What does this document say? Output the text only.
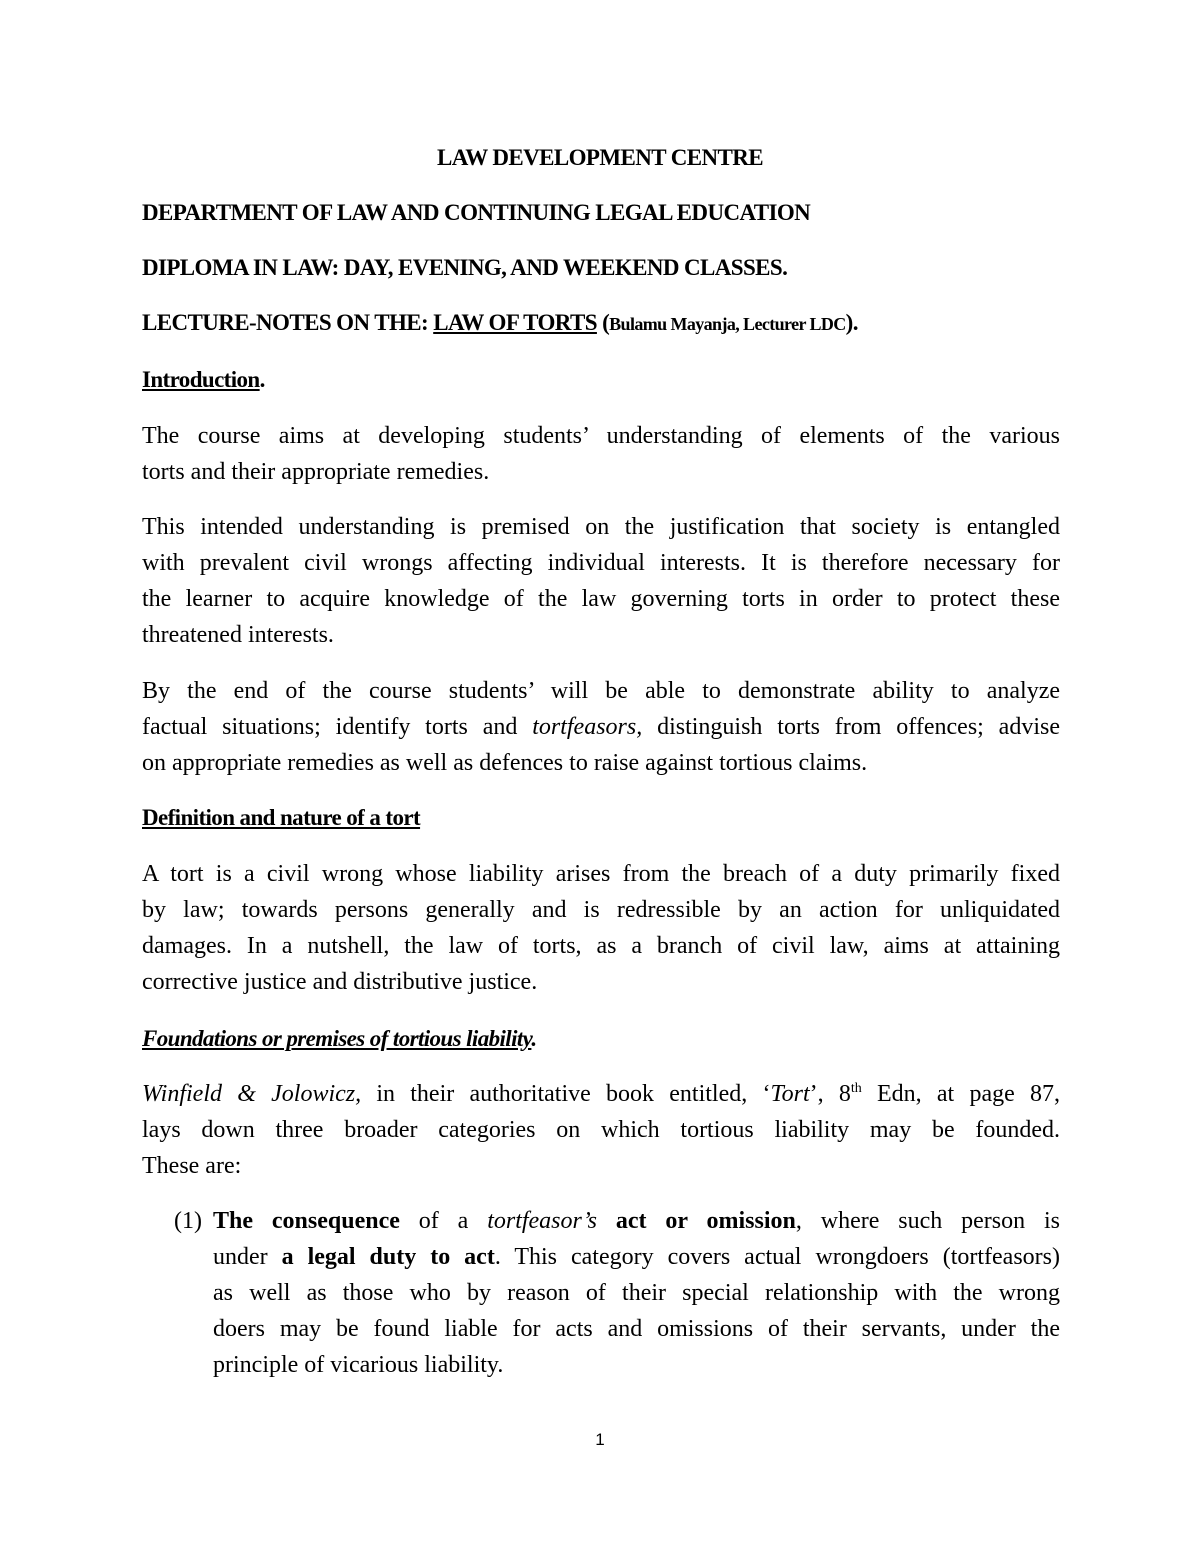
LAW DEVELOPMENT CENTRE
DEPARTMENT OF LAW AND CONTINUING LEGAL EDUCATION
DIPLOMA IN LAW: DAY, EVENING, AND WEEKEND CLASSES.
LECTURE-NOTES ON THE: LAW OF TORTS (Bulamu Mayanja, Lecturer LDC).
Introduction.
The course aims at developing students’ understanding of elements of the various
torts and their appropriate remedies.
This intended understanding is premised on the justification that society is entangled
with prevalent civil wrongs affecting individual interests. It is therefore necessary for
the learner to acquire knowledge of the law governing torts in order to protect these
threatened interests.
By the end of the course students’ will be able to demonstrate ability to analyze
factual situations; identify torts and tortfeasors, distinguish torts from offences; advise
on appropriate remedies as well as defences to raise against tortious claims.
Definition and nature of a tort
A tort is a civil wrong whose liability arises from the breach of a duty primarily fixed
by law; towards persons generally and is redressible by an action for unliquidated
damages. In a nutshell, the law of torts, as a branch of civil law, aims at attaining
corrective justice and distributive justice.
Foundations or premises of tortious liability.
Winfield & Jolowicz, in their authoritative book entitled, ‘Tort’, 8th Edn, at page 87,
lays down three broader categories on which tortious liability may be founded.
These are:
(1) The consequence of a tortfeasor’s act or omission, where such person is
under a legal duty to act. This category covers actual wrongdoers (tortfeasors)
as well as those who by reason of their special relationship with the wrong
doers may be found liable for acts and omissions of their servants, under the
principle of vicarious liability.
1
